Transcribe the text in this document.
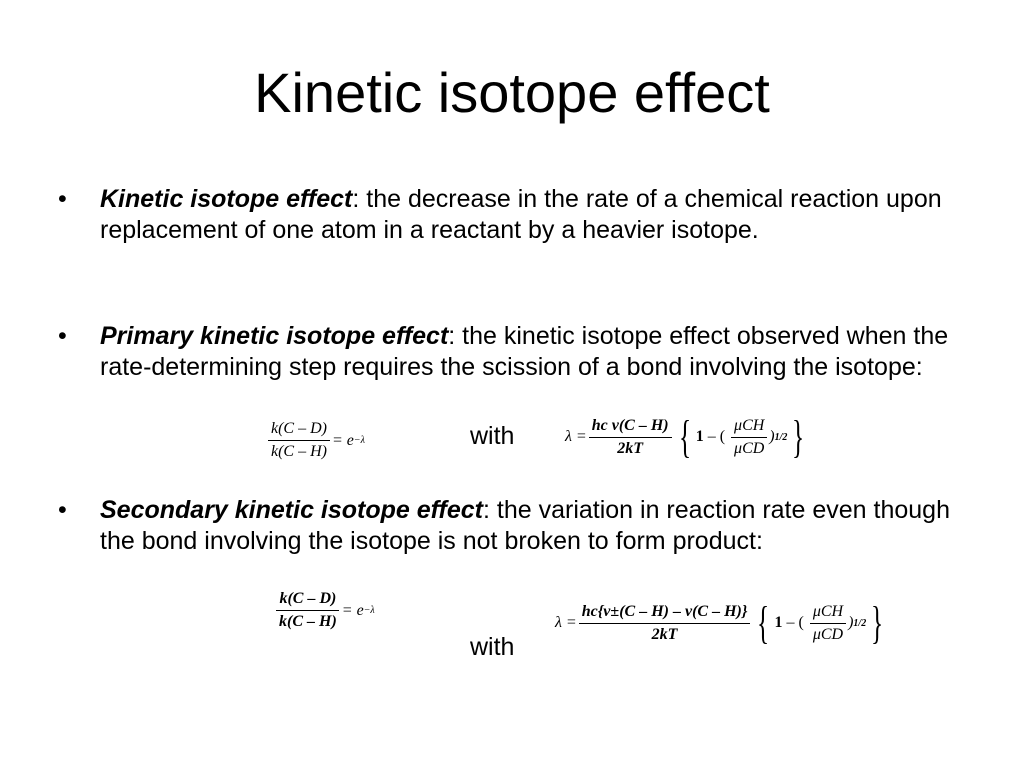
Kinetic isotope effect
• Kinetic isotope effect: the decrease in the rate of a chemical reaction upon replacement of one atom in a reactant by a heavier isotope.
• Primary kinetic isotope effect: the kinetic isotope effect observed when the rate-determining step requires the scission of a bond involving the isotope:
$\frac{k(C - D)}{k(C - H)} = e -\lambda$	with	$\lambda = \frac{\text{hc ν(C – H)}}{2kT}$ { 1 – ( $\frac{\text{μCH}}{\text{μCD}}$ ) 1/2 }
• Secondary kinetic isotope effect: the variation in reaction rate even though the bond involving the isotope is not broken to form product:
$\frac{k(C - D)}{k(C - H)} = e -\lambda$
$\lambda = \frac{hc\{\nu\pm(C - H) - \nu(C - H)\}}{2kT}$ { 1 – ( $\frac{\text{μCH}}{\text{μCD}}$ ) 1/2 }
with
